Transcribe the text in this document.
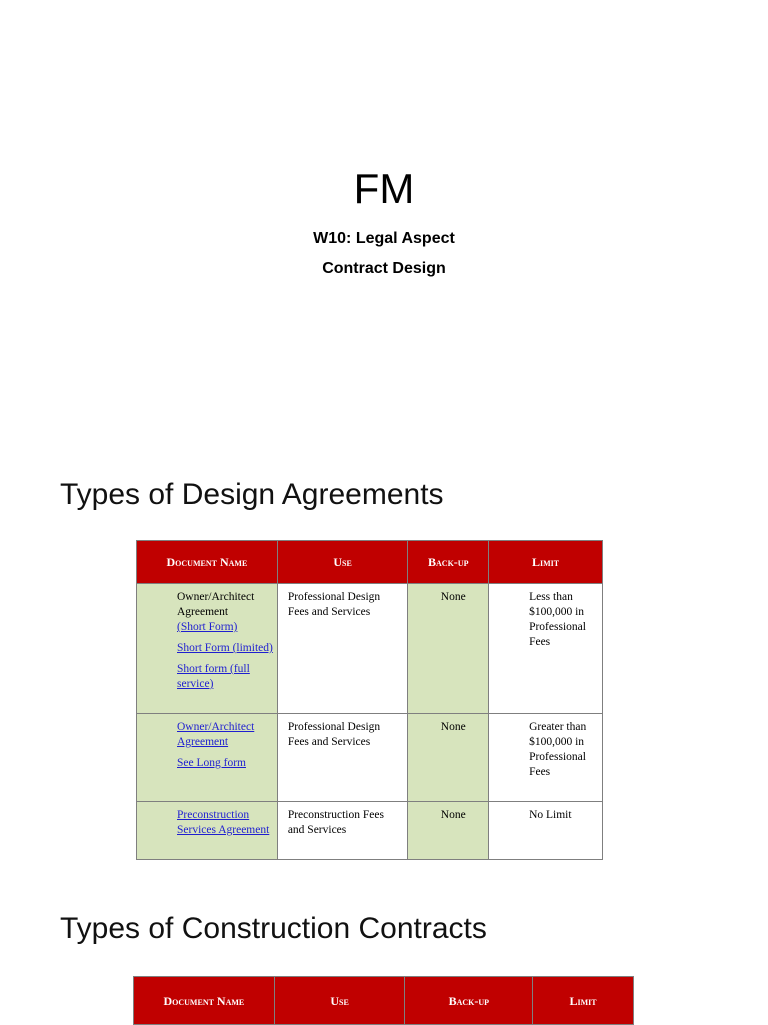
FM
W10: Legal Aspect
Contract Design
Types of Design Agreements
Document Name	Use	Back-up	Limit

Owner/Architect Agreement
(Short Form)
Short Form (limited)
Short form (full service)	Professional Design Fees and Services	None	Less than $100,000 in Professional Fees

Owner/Architect Agreement
See Long form	Professional Design Fees and Services	None	Greater than $100,000 in Professional Fees

Preconstruction Services Agreement	Preconstruction Fees and Services	None	No Limit
Types of Construction Contracts
Document Name	Use	Back-up	Limit
